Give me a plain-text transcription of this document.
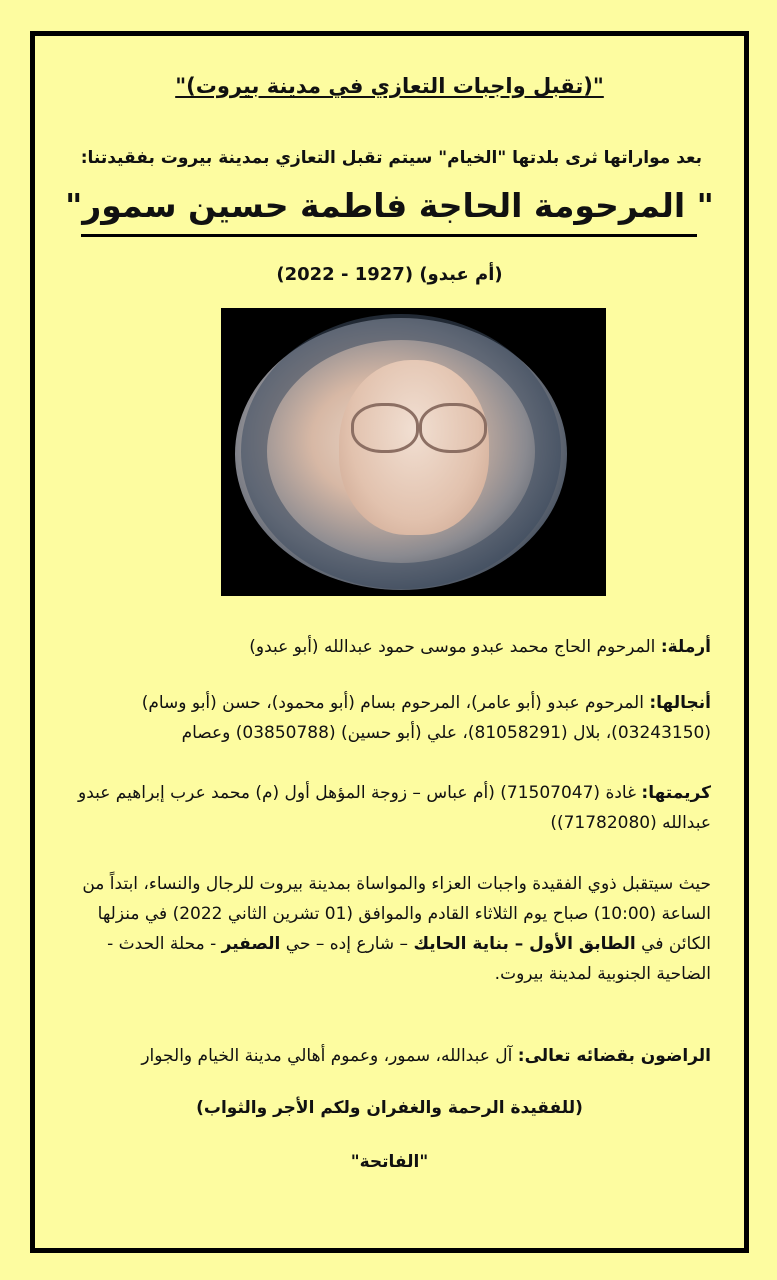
"(تقبل واجبات التعازي في مدينة بيروت)"
بعد مواراتها ثرى بلدتها "الخيام" سيتم تقبل التعازي بمدينة بيروت بفقيدتنا:
" المرحومة الحاجة فاطمة حسين سمور"
(أم عبدو) (1927 - 2022)
أرملة: المرحوم الحاج محمد عبدو موسى حمود عبدالله (أبو عبدو)
أنجالها: المرحوم عبدو (أبو عامر)، المرحوم بسام (أبو محمود)، حسن (أبو وسام) (03243150)، بلال (81058291)، علي (أبو حسين) (03850788) وعصام
كريمتها: غادة (71507047) (أم عباس – زوجة المؤهل أول (م) محمد عرب إبراهيم عبدو عبدالله (71782080))
حيث سيتقبل ذوي الفقيدة واجبات العزاء والمواساة بمدينة بيروت للرجال والنساء، ابتداً من الساعة (10:00) صباح يوم الثلاثاء القادم والموافق (01 تشرين الثاني 2022) في منزلها الكائن في الطابق الأول – بناية الحايك – شارع إده – حي الصفير - محلة الحدث - الضاحية الجنوبية لمدينة بيروت.
الراضون بقضائه تعالى: آل عبدالله، سمور، وعموم أهالي مدينة الخيام والجوار
(للفقيدة الرحمة والغفران ولكم الأجر والثواب)
"الفاتحة"
